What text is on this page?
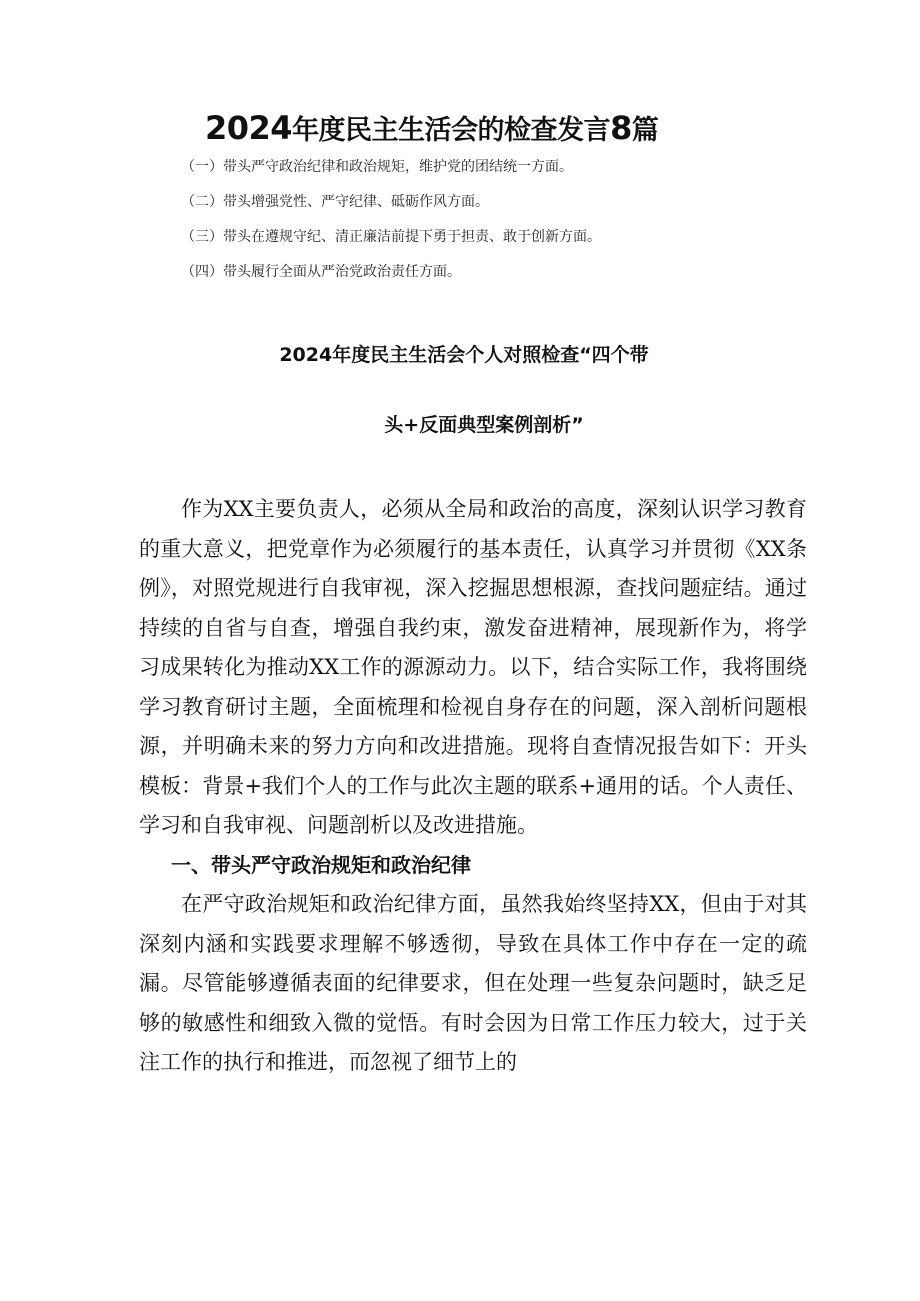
2024年度民主生活会的检查发言8篇
（一）带头严守政治纪律和政治规矩，维护党的团结统一方面。
（二）带头增强党性、严守纪律、砥砺作风方面。
（三）带头在遵规守纪、清正廉洁前提下勇于担责、敢于创新方面。
（四）带头履行全面从严治党政治责任方面。
2024年度民主生活会个人对照检查“四个带
头+反面典型案例剖析”

作为XX主要负责人，必须从全局和政治的高度，深刻认识学习教育的重大意义，把党章作为必须履行的基本责任，认真学习并贯彻《XX条例》，对照党规进行自我审视，深入挖掘思想根源，查找问题症结。通过持续的自省与自查，增强自我约束，激发奋进精神，展现新作为，将学习成果转化为推动XX工作的源源动力。以下，结合实际工作，我将围绕学习教育研讨主题，全面梳理和检视自身存在的问题，深入剖析问题根源，并明确未来的努力方向和改进措施。现将自查情况报告如下：开头模板：背景+我们个人的工作与此次主题的联系+通用的话。个人责任、学习和自我审视、问题剖析以及改进措施。

一、带头严守政治规矩和政治纪律

在严守政治规矩和政治纪律方面，虽然我始终坚持XX，但由于对其深刻内涵和实践要求理解不够透彻，导致在具体工作中存在一定的疏漏。尽管能够遵循表面的纪律要求，但在处理一些复杂问题时，缺乏足够的敏感性和细致入微的觉悟。有时会因为日常工作压力较大，过于关注工作的执行和推进，而忽视了细节上的
